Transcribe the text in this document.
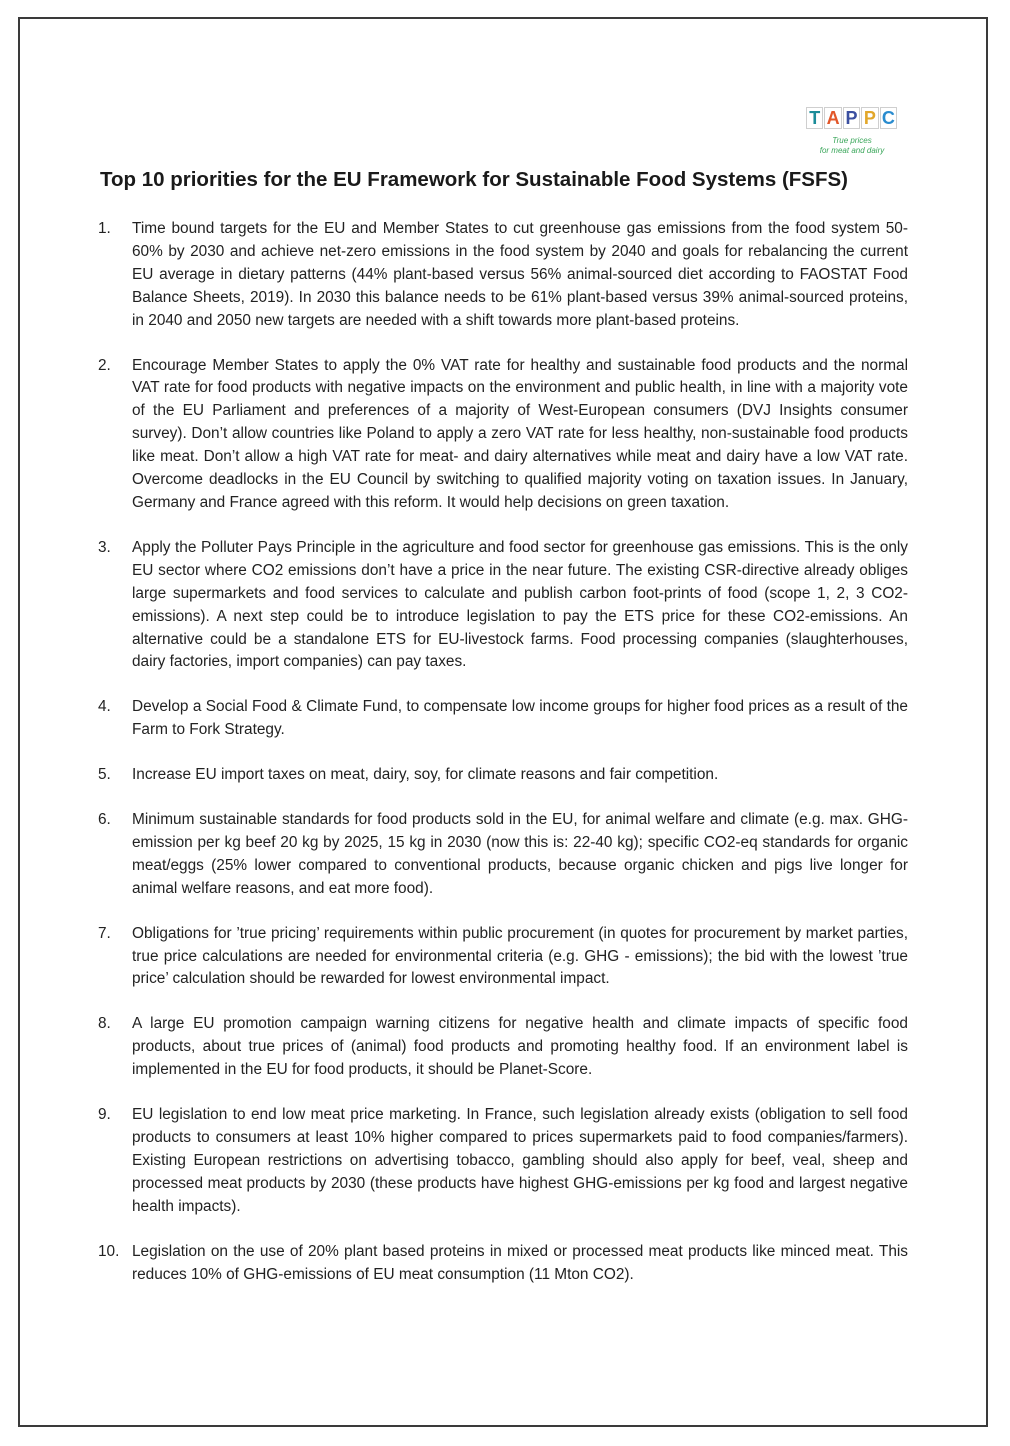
T A P P C
True prices
for meat and dairy
Top 10 priorities for the EU Framework for Sustainable Food Systems (FSFS)
1.	Time bound targets for the EU and Member States to cut greenhouse gas emissions from the food system 50-60% by 2030 and achieve net-zero emissions in the food system by 2040 and goals for rebalancing the current EU average in dietary patterns (44% plant-based versus 56% animal-sourced diet according to FAOSTAT Food Balance Sheets, 2019). In 2030 this balance needs to be 61% plant-based versus 39% animal-sourced proteins, in 2040 and 2050 new targets are needed with a shift towards more plant-based proteins.
2.	Encourage Member States to apply the 0% VAT rate for healthy and sustainable food products and the normal VAT rate for food products with negative impacts on the environment and public health, in line with a majority vote of the EU Parliament and preferences of a majority of West-European consumers (DVJ Insights consumer survey). Don’t allow countries like Poland to apply a zero VAT rate for less healthy, non-sustainable food products like meat. Don’t allow a high VAT rate for meat- and dairy alternatives while meat and dairy have a low VAT rate. Overcome deadlocks in the EU Council by switching to qualified majority voting on taxation issues. In January, Germany and France agreed with this reform. It would help decisions on green taxation.
3.	Apply the Polluter Pays Principle in the agriculture and food sector for greenhouse gas emissions. This is the only EU sector where CO2 emissions don’t have a price in the near future. The existing CSR-directive already obliges large supermarkets and food services to calculate and publish carbon foot-prints of food (scope 1, 2, 3 CO2-emissions). A next step could be to introduce legislation to pay the ETS price for these CO2-emissions. An alternative could be a standalone ETS for EU-livestock farms. Food processing companies (slaughterhouses, dairy factories, import companies) can pay taxes.
4.	Develop a Social Food & Climate Fund, to compensate low income groups for higher food prices as a result of the Farm to Fork Strategy.
5.	Increase EU import taxes on meat, dairy, soy, for climate reasons and fair competition.
6.	Minimum sustainable standards for food products sold in the EU, for animal welfare and climate (e.g. max. GHG-emission per kg beef 20 kg by 2025, 15 kg in 2030 (now this is: 22-40 kg); specific CO2-eq standards for organic meat/eggs (25% lower compared to conventional products, because organic chicken and pigs live longer for animal welfare reasons, and eat more food).
7.	Obligations for ’true pricing’ requirements within public procurement (in quotes for procurement by market parties, true price calculations are needed for environmental criteria (e.g. GHG - emissions); the bid with the lowest ’true price’ calculation should be rewarded for lowest environmental impact.
8.	A large EU promotion campaign warning citizens for negative health and climate impacts of specific food products, about true prices of (animal) food products and promoting healthy food. If an environment label is implemented in the EU for food products, it should be Planet-Score.
9.	EU legislation to end low meat price marketing. In France, such legislation already exists (obligation to sell food products to consumers at least 10% higher compared to prices supermarkets paid to food companies/farmers). Existing European restrictions on advertising tobacco, gambling should also apply for beef, veal, sheep and processed meat products by 2030 (these products have highest GHG-emissions per kg food and largest negative health impacts).
10. Legislation on the use of 20% plant based proteins in mixed or processed meat products like minced meat. This reduces 10% of GHG-emissions of EU meat consumption (11 Mton CO2).
